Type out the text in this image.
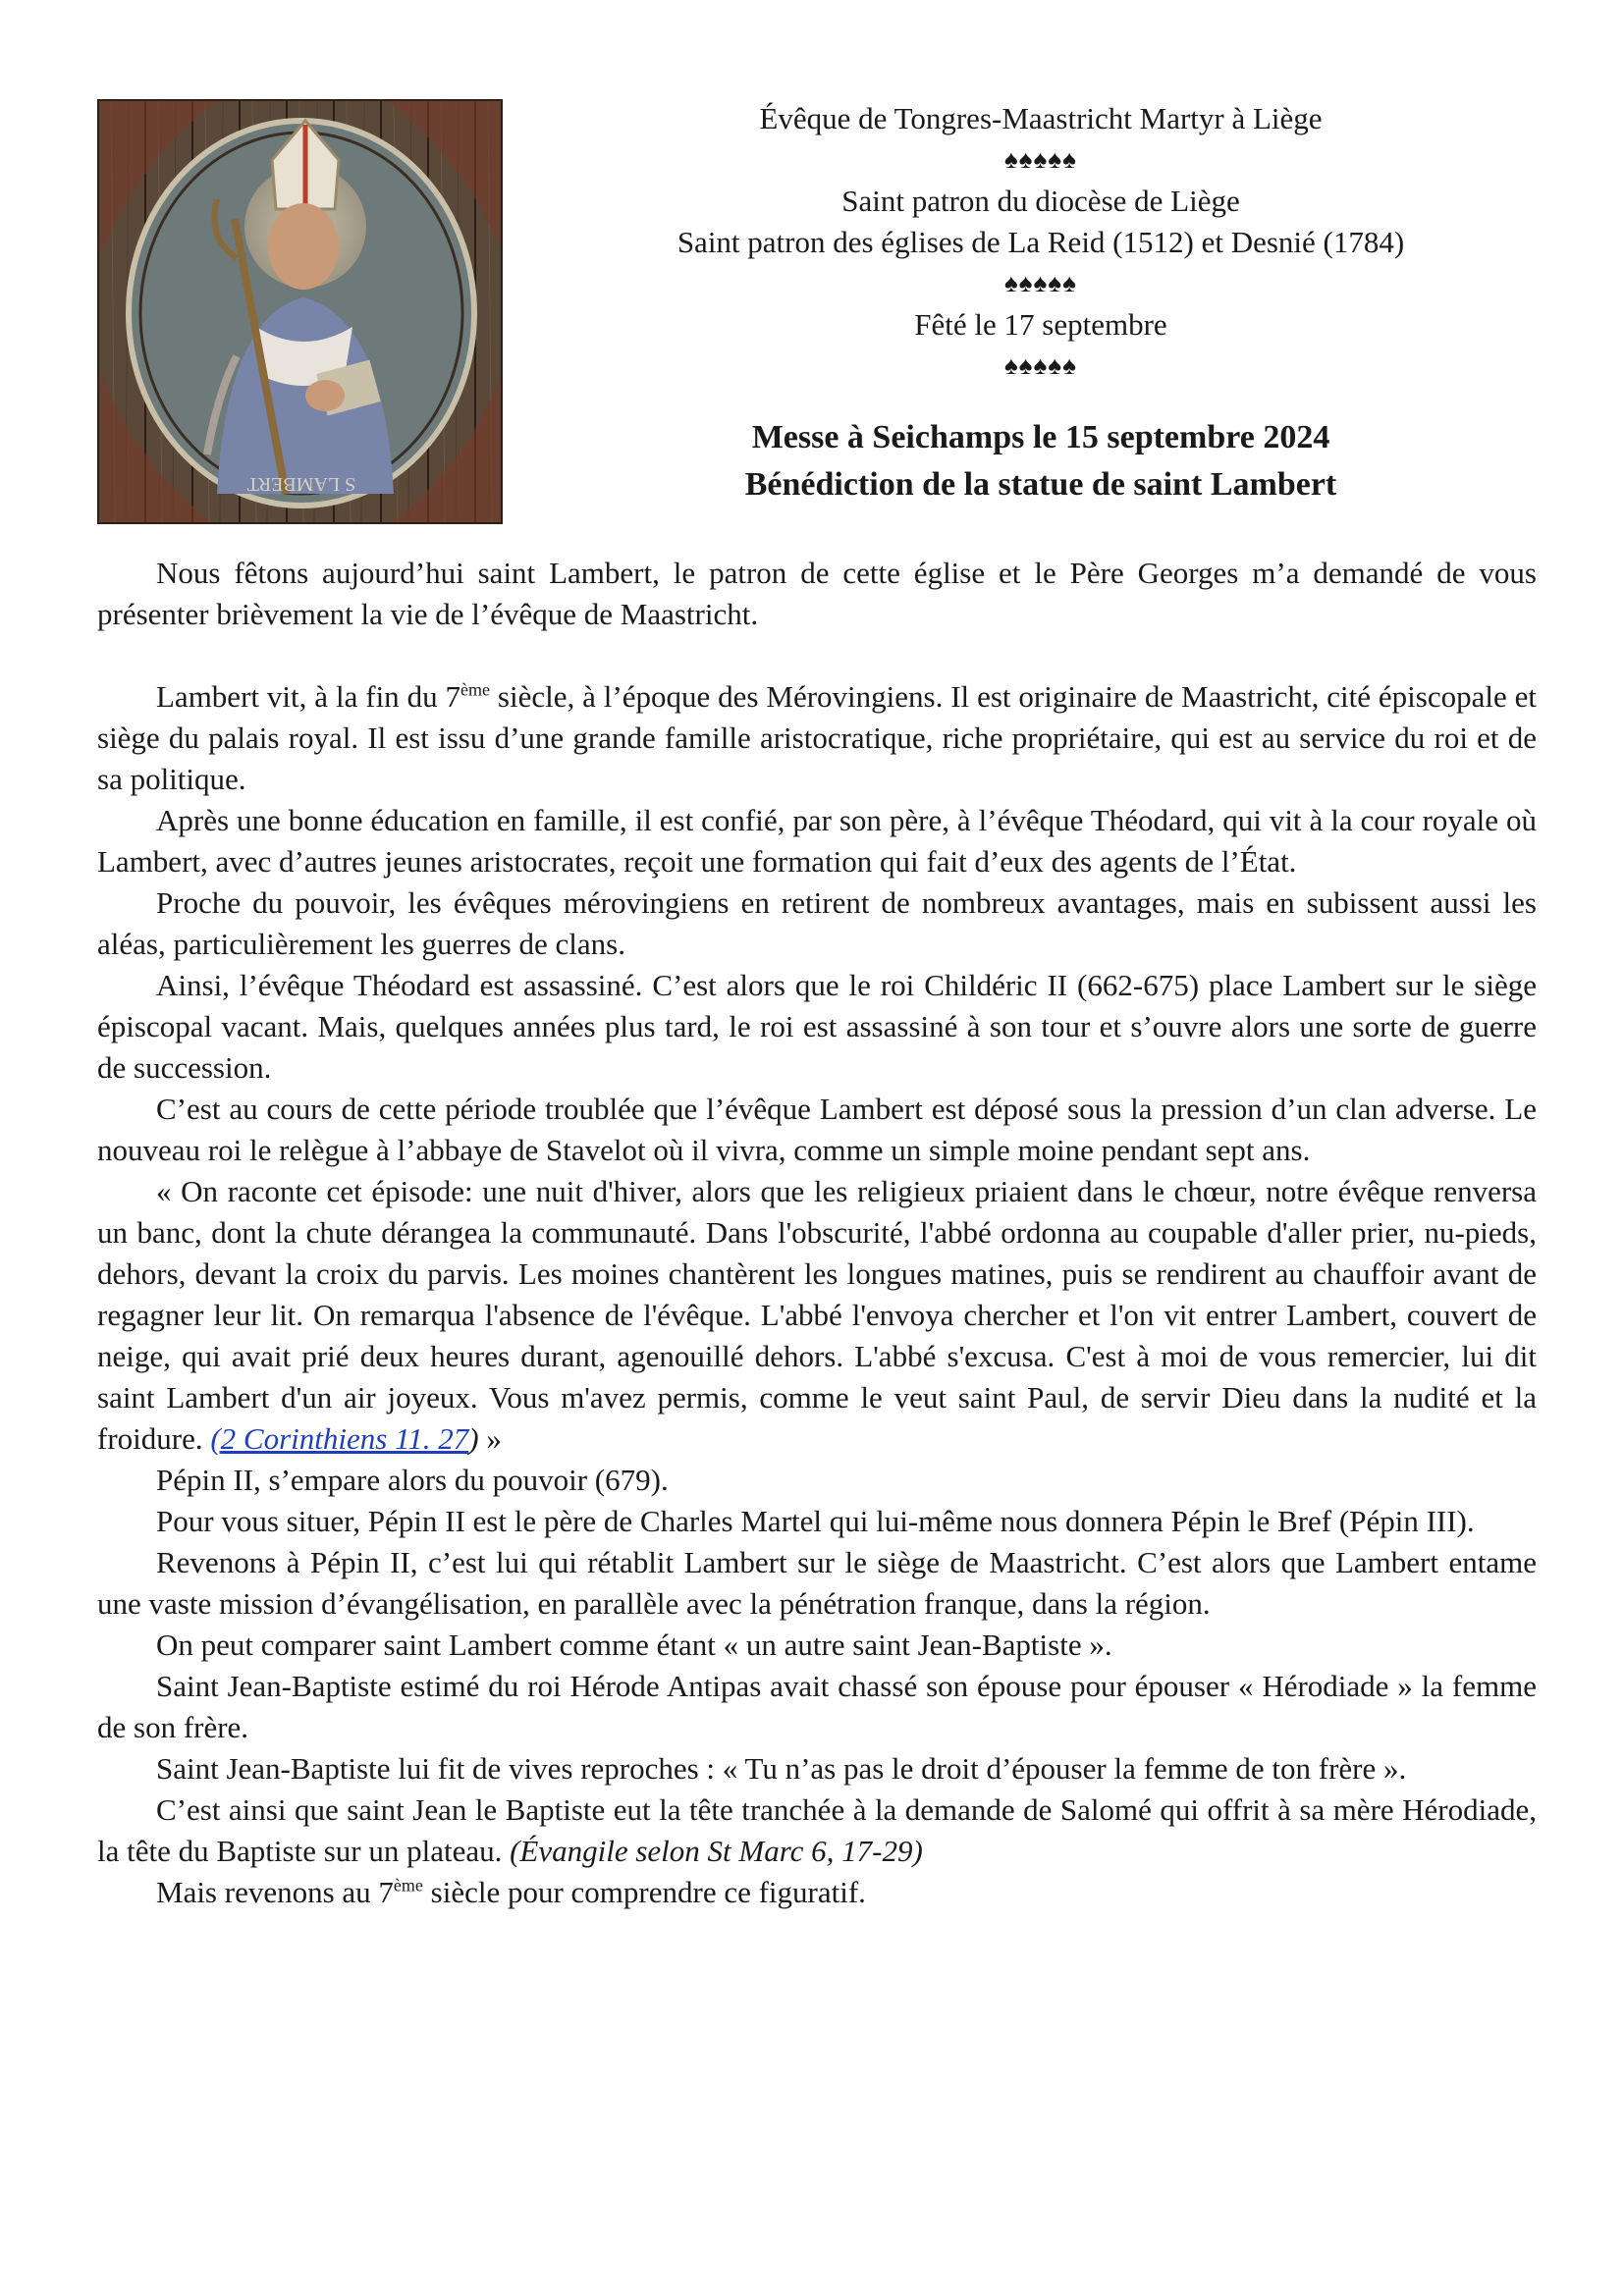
S LAMBERT
Évêque de Tongres-Maastricht Martyr à Liège
♠♠♠♠♠
Saint patron du diocèse de Liège
Saint patron des églises de La Reid (1512) et Desnié (1784)
♠♠♠♠♠
Fêté le 17 septembre
♠♠♠♠♠
Messe à Seichamps le 15 septembre 2024
Bénédiction de la statue de saint Lambert

Nous fêtons aujourd’hui saint Lambert, le patron de cette église et le Père Georges m’a demandé de vous présenter brièvement la vie de l’évêque de Maastricht.

Lambert vit, à la fin du 7ème siècle, à l’époque des Mérovingiens. Il est originaire de Maastricht, cité épiscopale et siège du palais royal. Il est issu d’une grande famille aristocratique, riche propriétaire, qui est au service du roi et de sa politique.

Après une bonne éducation en famille, il est confié, par son père, à l’évêque Théodard, qui vit à la cour royale où Lambert, avec d’autres jeunes aristocrates, reçoit une formation qui fait d’eux des agents de l’État.

Proche du pouvoir, les évêques mérovingiens en retirent de nombreux avantages, mais en subissent aussi les aléas, particulièrement les guerres de clans.

Ainsi, l’évêque Théodard est assassiné. C’est alors que le roi Childéric II (662-675) place Lambert sur le siège épiscopal vacant. Mais, quelques années plus tard, le roi est assassiné à son tour et s’ouvre alors une sorte de guerre de succession.

C’est au cours de cette période troublée que l’évêque Lambert est déposé sous la pression d’un clan adverse. Le nouveau roi le relègue à l’abbaye de Stavelot où il vivra, comme un simple moine pendant sept ans.

« On raconte cet épisode: une nuit d'hiver, alors que les religieux priaient dans le chœur, notre évêque renversa un banc, dont la chute dérangea la communauté. Dans l'obscurité, l'abbé ordonna au coupable d'aller prier, nu-pieds, dehors, devant la croix du parvis. Les moines chantèrent les longues matines, puis se rendirent au chauffoir avant de regagner leur lit. On remarqua l'absence de l'évêque. L'abbé l'envoya chercher et l'on vit entrer Lambert, couvert de neige, qui avait prié deux heures durant, agenouillé dehors. L'abbé s'excusa. C'est à moi de vous remercier, lui dit saint Lambert d'un air joyeux. Vous m'avez permis, comme le veut saint Paul, de servir Dieu dans la nudité et la froidure. (2 Corinthiens 11. 27) »

Pépin II, s’empare alors du pouvoir (679).

Pour vous situer, Pépin II est le père de Charles Martel qui lui-même nous donnera Pépin le Bref (Pépin III).

Revenons à Pépin II, c’est lui qui rétablit Lambert sur le siège de Maastricht. C’est alors que Lambert entame une vaste mission d’évangélisation, en parallèle avec la pénétration franque, dans la région.

On peut comparer saint Lambert comme étant « un autre saint Jean-Baptiste ».

Saint Jean-Baptiste estimé du roi Hérode Antipas avait chassé son épouse pour épouser « Hérodiade » la femme de son frère.

Saint Jean-Baptiste lui fit de vives reproches : « Tu n’as pas le droit d’épouser la femme de ton frère ».

C’est ainsi que saint Jean le Baptiste eut la tête tranchée à la demande de Salomé qui offrit à sa mère Hérodiade, la tête du Baptiste sur un plateau. (Évangile selon St Marc 6, 17-29)

Mais revenons au 7ème siècle pour comprendre ce figuratif.
